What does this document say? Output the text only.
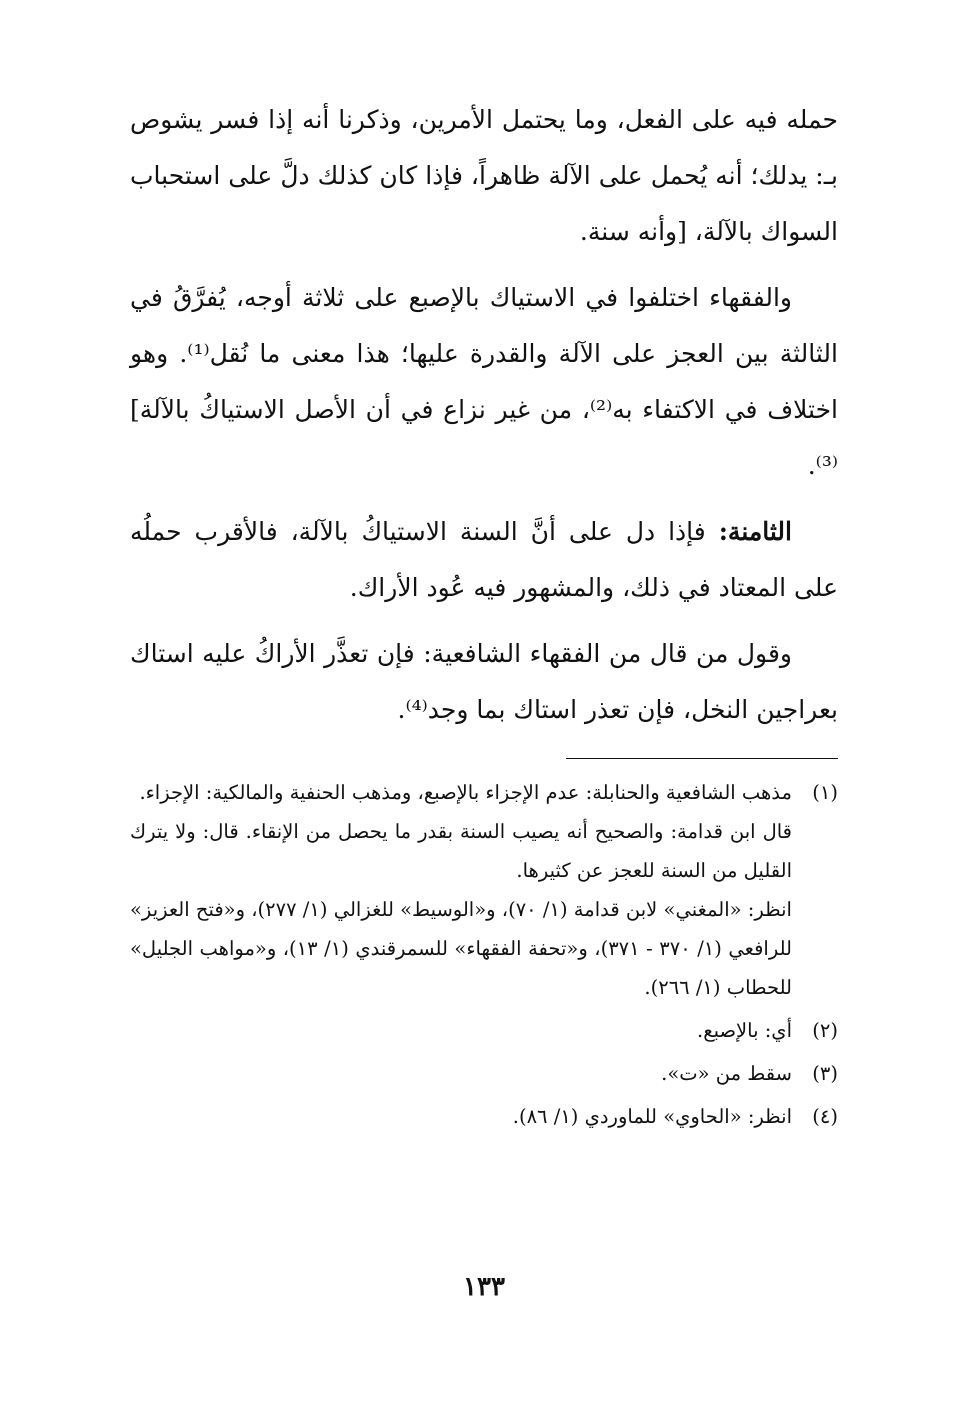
حمله فيه على الفعل، وما يحتمل الأمرين، وذكرنا أنه إذا فسر يشوص بـ: يدلك؛ أنه يُحمل على الآلة ظاهراً، فإذا كان كذلك دلَّ على استحباب السواك بالآلة، [وأنه سنة.

والفقهاء اختلفوا في الاستياك بالإصبع على ثلاثة أوجه، يُفرَّقُ في الثالثة بين العجز على الآلة والقدرة عليها؛ هذا معنى ما نُقل⁽¹⁾. وهو اختلاف في الاكتفاء به⁽²⁾، من غير نزاع في أن الأصل الاستياكُ بالآلة]⁽³⁾.

الثامنة: فإذا دل على أنَّ السنة الاستياكُ بالآلة، فالأقرب حملُه على المعتاد في ذلك، والمشهور فيه عُود الأراك.

وقول من قال من الفقهاء الشافعية: فإن تعذَّر الأراكُ عليه استاك بعراجين النخل، فإن تعذر استاك بما وجد⁽⁴⁾.

(١)

مذهب الشافعية والحنابلة: عدم الإجزاء بالإصبع، ومذهب الحنفية والمالكية: الإجزاء.

قال ابن قدامة: والصحيح أنه يصيب السنة بقدر ما يحصل من الإنقاء. قال: ولا يترك القليل من السنة للعجز عن كثيرها.

انظر: «المغني» لابن قدامة (١/ ٧٠)، و«الوسيط» للغزالي (١/ ٢٧٧)، و«فتح العزيز» للرافعي (١/ ٣٧٠ - ٣٧١)، و«تحفة الفقهاء» للسمرقندي (١/ ١٣)، و«مواهب الجليل» للحطاب (١/ ٢٦٦).

(٢)
أي: بالإصبع.
(٣)
سقط من «ت».
(٤)
انظر: «الحاوي» للماوردي (١/ ٨٦).
١٣٣
